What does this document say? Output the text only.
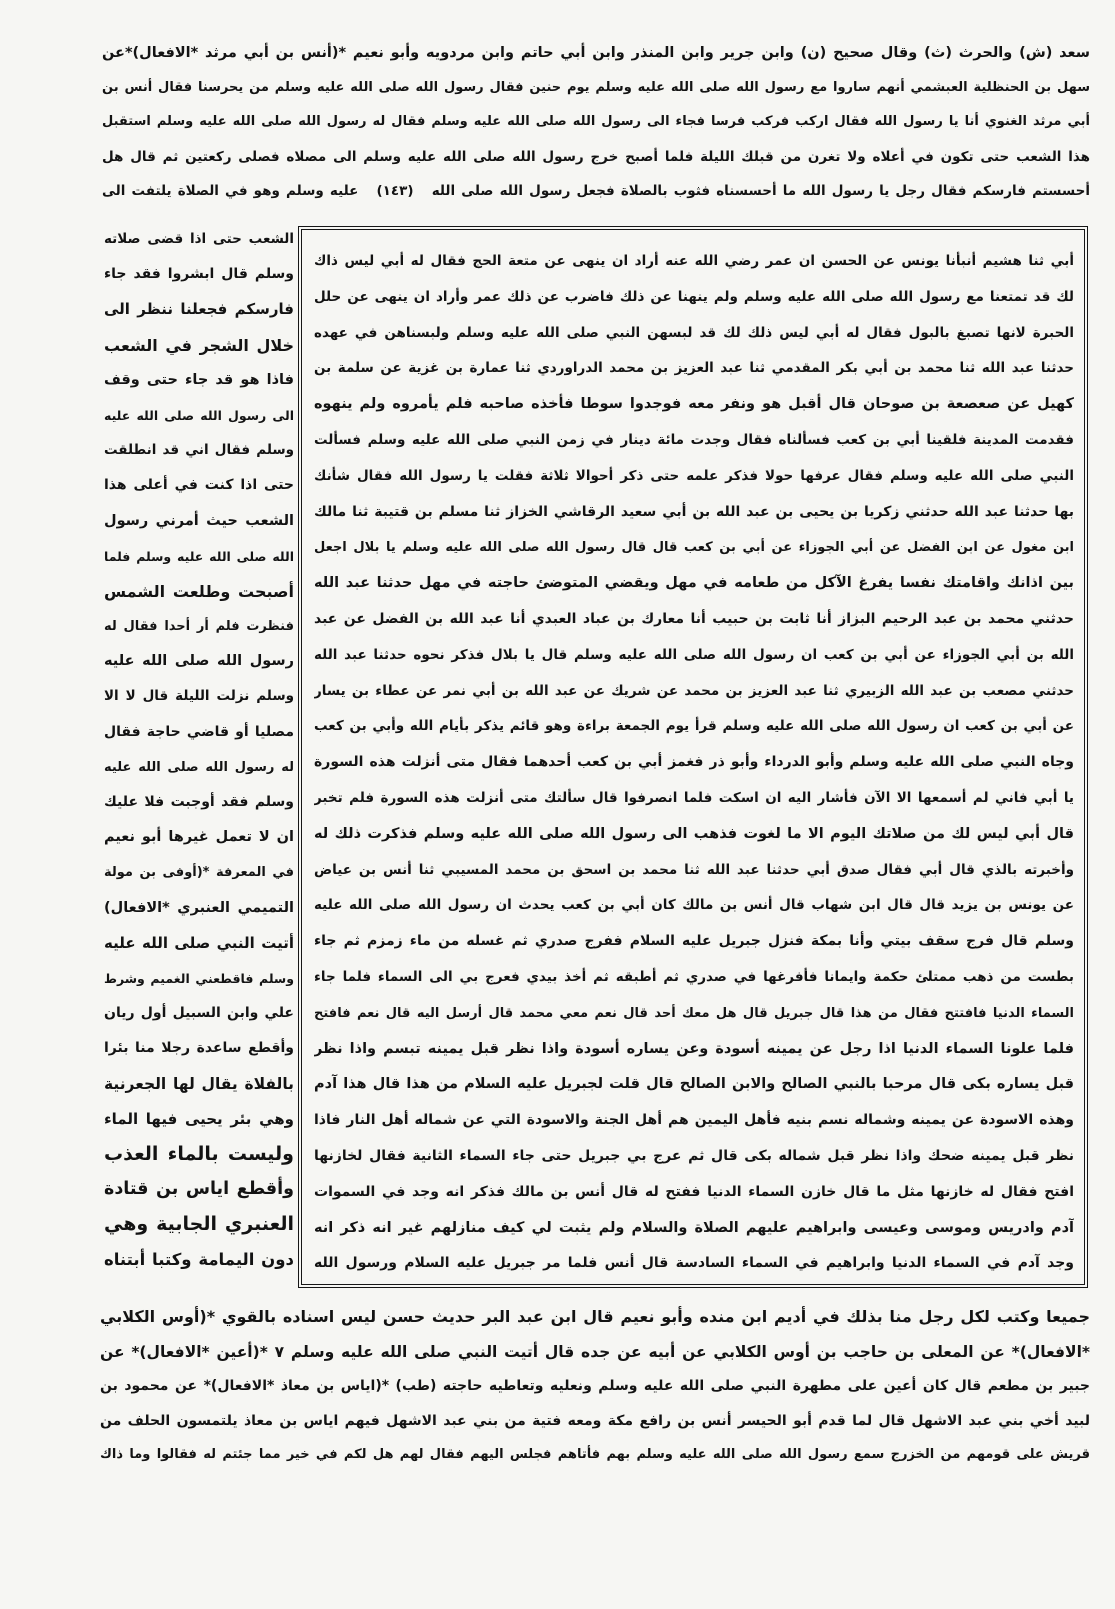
سعد (ش) والحرث (ث) وقال صحيح (ن) وابن جرير وابن المنذر وابن أبي حاتم وابن مردويه وأبو نعيم *(أنس بن أبي مرثد *الافعال)*عن
سهل بن الحنظلية العبشمي أنهم ساروا مع رسول الله صلى الله عليه وسلم يوم حنين فقال رسول الله صلى الله عليه وسلم من يحرسنا فقال أنس بن
أبي مرثد الغنوي أنا يا رسول الله فقال اركب فركب فرسا فجاء الى رسول الله صلى الله عليه وسلم فقال له رسول الله صلى الله عليه وسلم استقبل
هذا الشعب حتى تكون في أعلاه ولا تغرن من قبلك الليلة فلما أصبح خرج رسول الله صلى الله عليه وسلم الى مصلاه فصلى ركعتين ثم قال هل
أحسستم فارسكم فقال رجل يا رسول الله ما أحسسناه فثوب بالصلاة فجعل رسول الله صلى الله (١٤٣) عليه وسلم وهو في الصلاة يلتفت الى
أبي ثنا هشيم أنبأنا يونس عن الحسن ان عمر رضي الله عنه أراد ان ينهى عن متعة الحج فقال له أبي ليس ذاك
لك قد تمتعنا مع رسول الله صلى الله عليه وسلم ولم ينهنا عن ذلك فاضرب عن ذلك عمر وأراد ان ينهى عن حلل
الحبرة لانها تصبغ بالبول فقال له أبي ليس ذلك لك قد لبسهن النبي صلى الله عليه وسلم ولبسناهن في عهده
حدثنا عبد الله ثنا محمد بن أبي بكر المقدمي ثنا عبد العزيز بن محمد الدراوردي ثنا عمارة بن غزية عن سلمة بن
كهيل عن صعصعة بن صوحان قال أقبل هو ونفر معه فوجدوا سوطا فأخذه صاحبه فلم يأمروه ولم ينهوه
فقدمت المدينة فلقينا أبي بن كعب فسألناه فقال وجدت مائة دينار في زمن النبي صلى الله عليه وسلم فسألت
النبي صلى الله عليه وسلم فقال عرفها حولا فذكر علمه حتى ذكر أحوالا ثلاثة فقلت يا رسول الله فقال شأنك
بها حدثنا عبد الله حدثني زكريا بن يحيى بن عبد الله بن أبي سعيد الرقاشي الخزاز ثنا مسلم بن قتيبة ثنا مالك
ابن مغول عن ابن الفضل عن أبي الجوزاء عن أبي بن كعب قال قال رسول الله صلى الله عليه وسلم يا بلال اجعل
بين اذانك واقامتك نفسا يفرغ الآكل من طعامه في مهل ويقضي المتوضئ حاجته في مهل حدثنا عبد الله
حدثني محمد بن عبد الرحيم البزاز أنا ثابت بن حبيب أنا معارك بن عباد العبدي أنا عبد الله بن الفضل عن عبد
الله بن أبي الجوزاء عن أبي بن كعب ان رسول الله صلى الله عليه وسلم قال يا بلال فذكر نحوه حدثنا عبد الله
حدثني مصعب بن عبد الله الزبيري ثنا عبد العزيز بن محمد عن شريك عن عبد الله بن أبي نمر عن عطاء بن يسار
عن أبي بن كعب ان رسول الله صلى الله عليه وسلم قرأ يوم الجمعة براءة وهو قائم يذكر بأيام الله وأبي بن كعب
وجاه النبي صلى الله عليه وسلم وأبو الدرداء وأبو ذر فغمز أبي بن كعب أحدهما فقال متى أنزلت هذه السورة
يا أبي فاني لم أسمعها الا الآن فأشار اليه ان اسكت فلما انصرفوا قال سألتك متى أنزلت هذه السورة فلم تخبر
قال أبي ليس لك من صلاتك اليوم الا ما لغوت فذهب الى رسول الله صلى الله عليه وسلم فذكرت ذلك له
وأخبرته بالذي قال أبي فقال صدق أبي حدثنا عبد الله ثنا محمد بن اسحق بن محمد المسيبي ثنا أنس بن عياض
عن يونس بن يزيد قال قال ابن شهاب قال أنس بن مالك كان أبي بن كعب يحدث ان رسول الله صلى الله عليه
وسلم قال فرج سقف بيتي وأنا بمكة فنزل جبريل عليه السلام ففرج صدري ثم غسله من ماء زمزم ثم جاء
بطست من ذهب ممتلئ حكمة وايمانا فأفرغها في صدري ثم أطبقه ثم أخذ بيدي فعرج بي الى السماء فلما جاء
السماء الدنيا فافتتح فقال من هذا قال جبريل قال هل معك أحد قال نعم معي محمد قال أرسل اليه قال نعم فافتح
فلما علونا السماء الدنيا اذا رجل عن يمينه أسودة وعن يساره أسودة واذا نظر قبل يمينه تبسم واذا نظر
قبل يساره بكى قال مرحبا بالنبي الصالح والابن الصالح قال قلت لجبريل عليه السلام من هذا قال هذا آدم
وهذه الاسودة عن يمينه وشماله نسم بنيه فأهل اليمين هم أهل الجنة والاسودة التي عن شماله أهل النار فاذا
نظر قبل يمينه ضحك واذا نظر قبل شماله بكى قال ثم عرج بي جبريل حتى جاء السماء الثانية فقال لخازنها
افتح فقال له خازنها مثل ما قال خازن السماء الدنيا ففتح له قال أنس بن مالك فذكر انه وجد في السموات
آدم وادريس وموسى وعيسى وابراهيم عليهم الصلاة والسلام ولم يثبت لي كيف منازلهم غير انه ذكر انه
وجد آدم في السماء الدنيا وابراهيم في السماء السادسة قال أنس فلما مر جبريل عليه السلام ورسول الله
الشعب حتى اذا قضى صلاته
وسلم قال ابشروا فقد جاء
فارسكم فجعلنا ننظر الى
خلال الشجر في الشعب
فاذا هو قد جاء حتى وقف
الى رسول الله صلى الله عليه
وسلم فقال اني قد انطلقت
حتى اذا كنت في أعلى هذا
الشعب حيث أمرني رسول
الله صلى الله عليه وسلم فلما
أصبحت وطلعت الشمس
فنظرت فلم أر أحدا فقال له
رسول الله صلى الله عليه
وسلم نزلت الليلة قال لا الا
مصليا أو قاضي حاجة فقال
له رسول الله صلى الله عليه
وسلم فقد أوجبت فلا عليك
ان لا تعمل غيرها أبو نعيم
في المعرفة *(أوفى بن مولة
التميمي العنبري *الافعال)
أتيت النبي صلى الله عليه
وسلم فاقطعني الغميم وشرط
علي وابن السبيل أول ريان
وأقطع ساعدة رجلا منا بئرا
بالفلاة يقال لها الجعرنية
وهي بئر يحيى فيها الماء
وليست بالماء العذب
وأقطع اياس بن قتادة
العنبري الجابية وهي
دون اليمامة وكتبا أبتناه
جميعا وكتب لكل رجل منا بذلك في أديم ابن منده وأبو نعيم قال ابن عبد البر حديث حسن ليس اسناده بالقوي *(أوس الكلابي
*الافعال)* عن المعلى بن حاجب بن أوس الكلابي عن أبيه عن جده قال أتيت النبي صلى الله عليه وسلم ٧ *(أعين *الافعال)* عن
جبير بن مطعم قال كان أعين على مطهرة النبي صلى الله عليه وسلم ونعليه وتعاطيه حاجته (طب) *(اياس بن معاذ *الافعال)* عن محمود بن
لبيد أخي بني عبد الاشهل قال لما قدم أبو الحيسر أنس بن رافع مكة ومعه فتية من بني عبد الاشهل فيهم اياس بن معاذ يلتمسون الحلف من
قريش على قومهم من الخزرج سمع رسول الله صلى الله عليه وسلم بهم فأتاهم فجلس اليهم فقال لهم هل لكم في خير مما جئتم له فقالوا وما ذاك
